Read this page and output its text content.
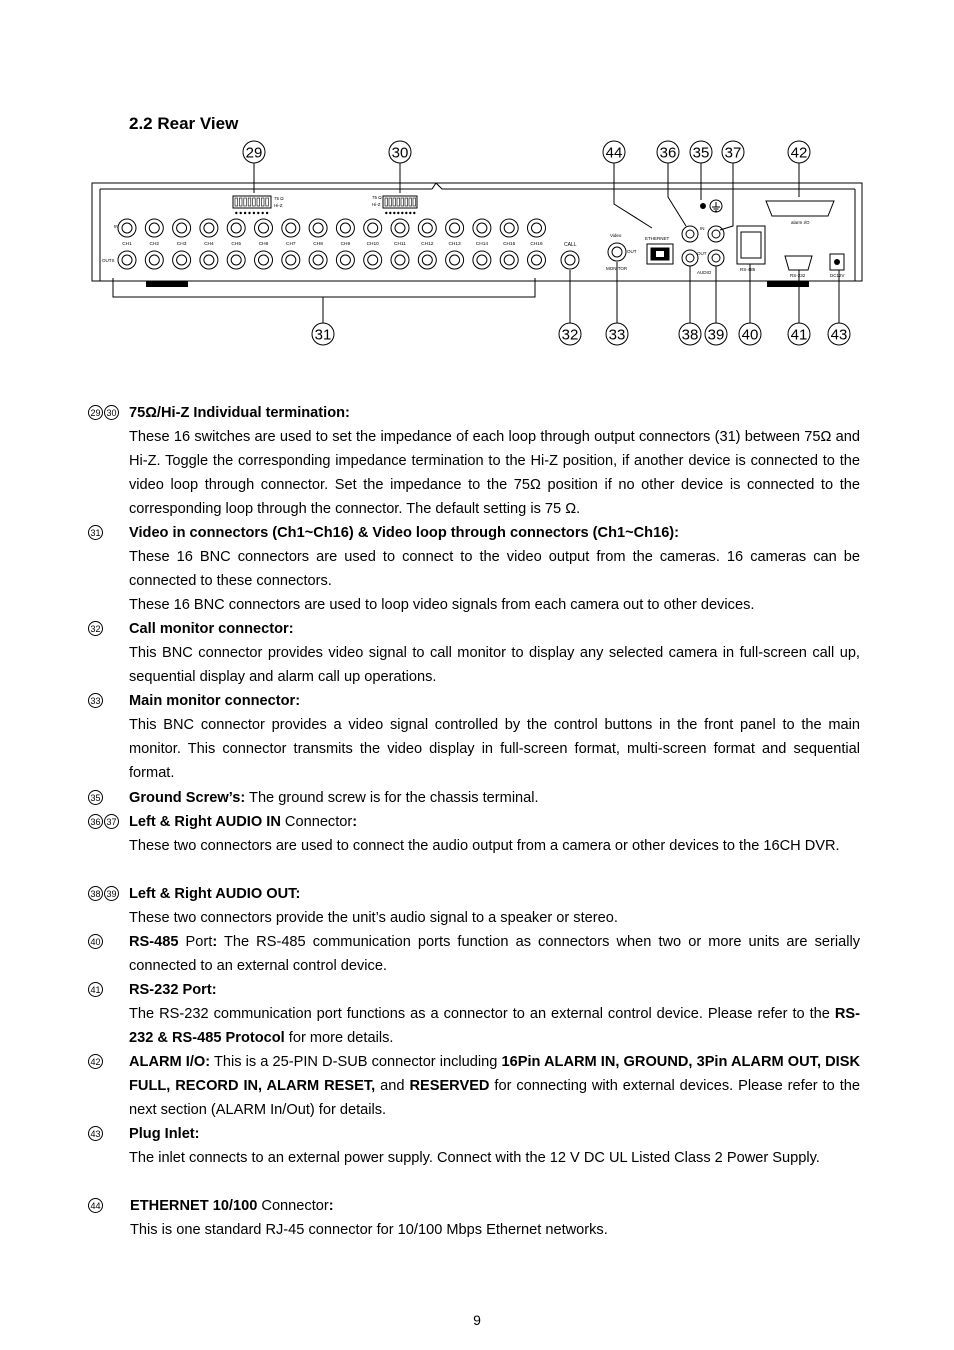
2.2 Rear View
75 Ω
Hi-Z
75 Ω
Hi-Z
IN
OUTS
CH1	CH2	CH3	CH4	CH5	CH6	CH7	CH8	CH9	CH10	CH11	CH12	CH13	CH14	CH15	CH16	CALL
Video
OUT
MONITOR
ETHERNET
IN
OUT
AUDIO
RS-485
RS-232
alarm I/O
DC12V
29	30	44 36 35 37	42
31	32 33	38 39 40 41 43
29 30 75Ω/Hi-Z Individual termination:

These 16 switches are used to set the impedance of each loop through output connectors (31) between 75Ω and Hi-Z. Toggle the corresponding impedance termination to the Hi-Z position, if another device is connected to the video loop through connector. Set the impedance to the 75Ω position if no other device is connected to the corresponding loop through the connector. The default setting is 75 Ω.

31 Video in connectors (Ch1~Ch16) & Video loop through connectors (Ch1~Ch16):

These 16 BNC connectors are used to connect to the video output from the cameras. 16 cameras can be connected to these connectors.

These 16 BNC connectors are used to loop video signals from each camera out to other devices.

32 Call monitor connector:

This BNC connector provides video signal to call monitor to display any selected camera in full-screen call up, sequential display and alarm call up operations.

33 Main monitor connector:

This BNC connector provides a video signal controlled by the control buttons in the front panel to the main monitor. This connector transmits the video display in full-screen format, multi-screen format and sequential format.

35 Ground Screw’s: The ground screw is for the chassis terminal.

36 37 Left & Right AUDIO IN Connector:

These two connectors are used to connect the audio output from a camera or other devices to the 16CH DVR.

38 39 Left & Right AUDIO OUT:

These two connectors provide the unit’s audio signal to a speaker or stereo.

40 RS-485 Port: The RS-485 communication ports function as connectors when two or more units are serially connected to an external control device.

41 RS-232 Port:

The RS-232 communication port functions as a connector to an external control device. Please refer to the RS-232 & RS-485 Protocol for more details.

42 ALARM I/O: This is a 25-PIN D-SUB connector including 16Pin ALARM IN, GROUND, 3Pin ALARM OUT, DISK FULL, RECORD IN, ALARM RESET, and RESERVED for connecting with external devices. Please refer to the next section (ALARM In/Out) for details.

43 Plug Inlet:

The inlet connects to an external power supply. Connect with the 12 V DC UL Listed Class 2 Power Supply.

44 ETHERNET 10/100 Connector:

This is one standard RJ-45 connector for 10/100 Mbps Ethernet networks.

9
